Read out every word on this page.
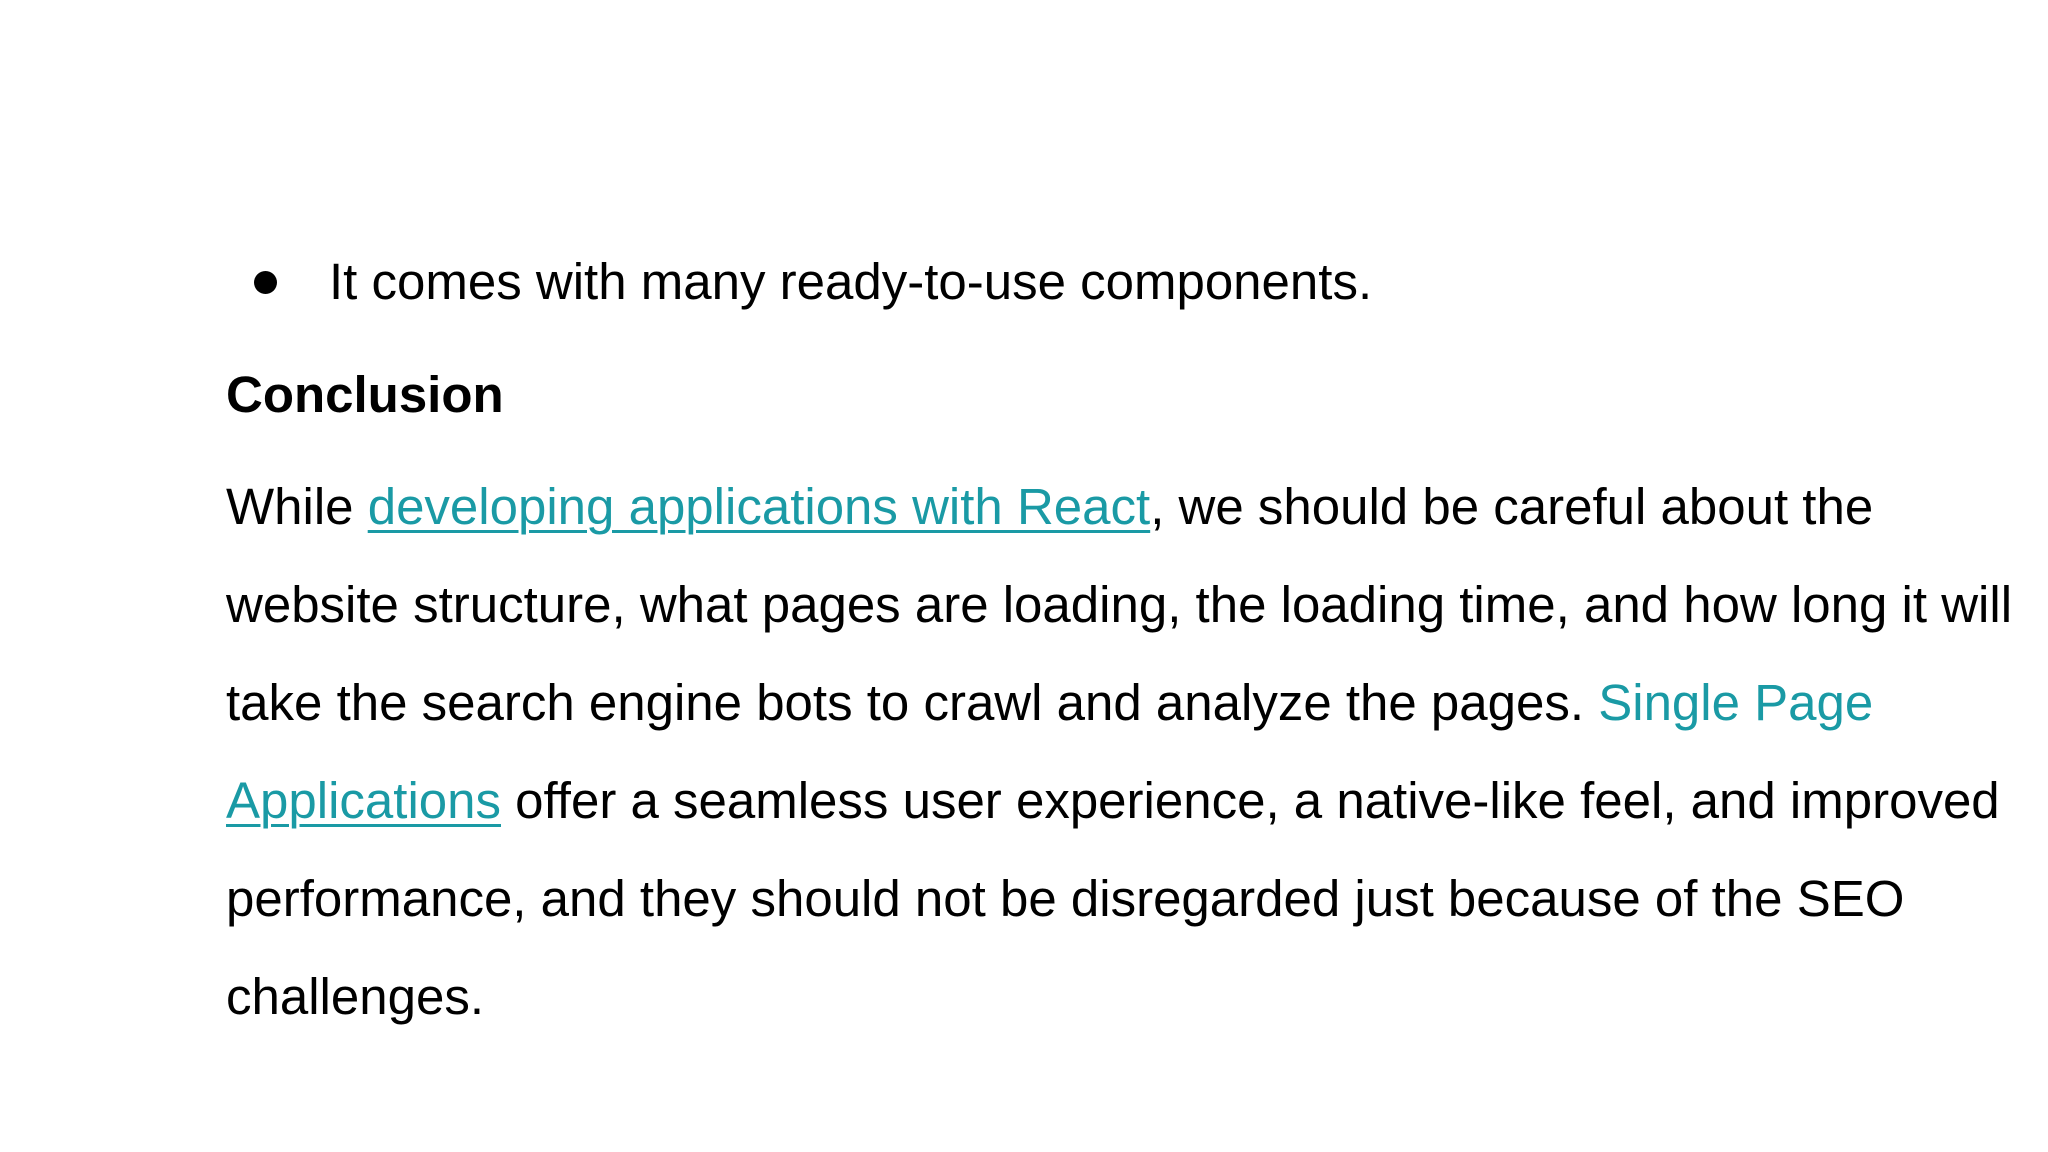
It comes with many ready-to-use components.
Conclusion
While developing applications with React, we should be careful about the
website structure, what pages are loading, the loading time, and how long it will
take the search engine bots to crawl and analyze the pages. Single Page
Applications offer a seamless user experience, a native-like feel, and improved
performance, and they should not be disregarded just because of the SEO
challenges.
